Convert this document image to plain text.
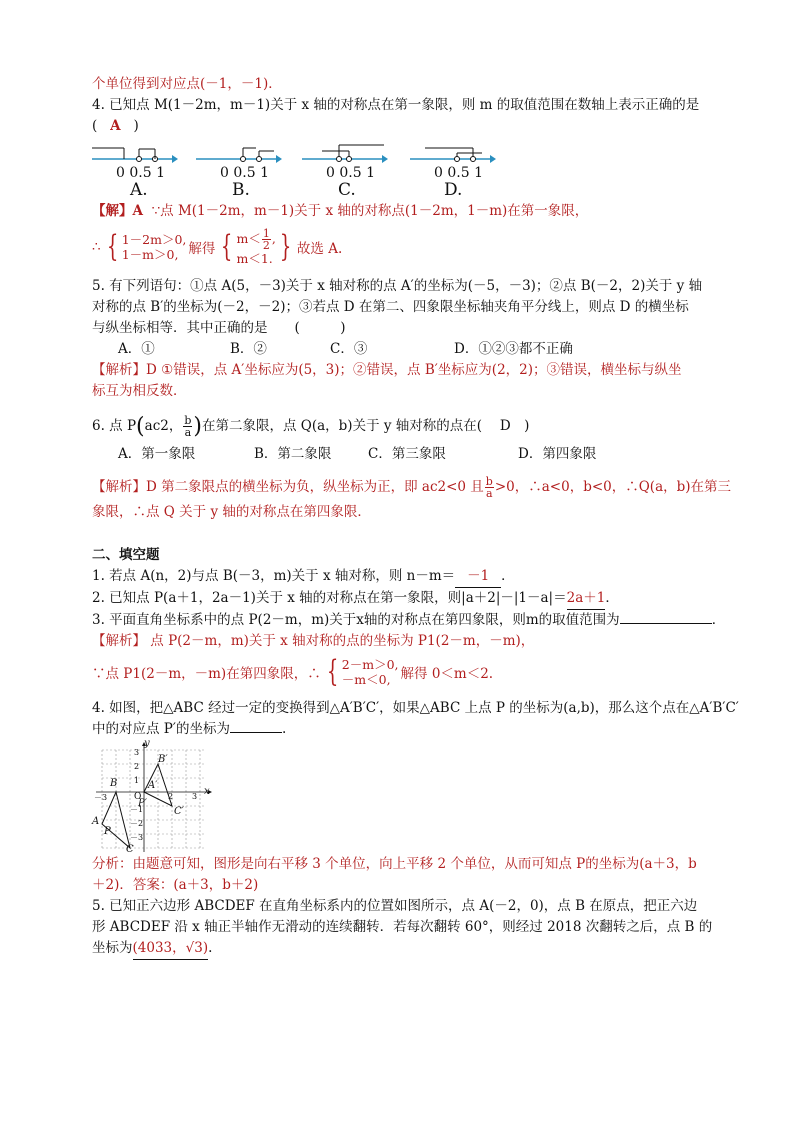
个单位得到对应点(－1，－1)．
4. 已知点 M(1－2m，m－1)关于 x 轴的对称点在第一象限，则 m 的取值范围在数轴上表示正确的是
( A )
0 0.5 1	0 0.5 1	0 0.5 1	0 0.5 1
A.	B.	C.	D.
【解】A ∵点 M(1－2m，m－1)关于 x 轴的对称点(1－2m，1－m)在第一象限，
∴ { 1－2m＞0,
1－m＞0, 解得 { $m< \frac{1}{2}$ ,
m＜1. } 故选 A.
5. 有下列语句：①点 A(5，－3)关于 x 轴对称的点 A′的坐标为(－5，－3)；②点 B(－2，2)关于 y 轴
对称的点 B′的坐标为(－2，－2)；③若点 D 在第二、四象限坐标轴夹角平分线上，则点 D 的横坐标
与纵坐标相等．其中正确的是　　(　　　)
A．①	B．②	C．③	D．①②③都不正确
【解析】D ①错误，点 A′坐标应为(5，3)；②错误，点 B′坐标应为(2，2)；③错误，横坐标与纵坐
标互为相反数．
6. 点 P ( ac2， $\frac{b}{a}$ ) 在第二象限，点 Q(a，b)关于 y 轴对称的点在(　 D　)
A．第一象限	B．第二象限	C．第三象限	D．第四象限
【解析】D 第二象限点的横坐标为负，纵坐标为正，即 ac2<0 且 $\frac{b}{a} >0$，∴a<0，b<0，∴Q(a，b)在第三
象限，∴点 Q 关于 y 轴的对称点在第四象限．
二、填空题
1. 若点 A(n，2)与点 B(－3，m)关于 x 轴对称，则 n－m＝ －1 ．
2. 已知点 P(a＋1，2a－1)关于 x 轴的对称点在第一象限，则|a＋2|－|1－a|＝2a＋1．
3. 平面直角坐标系中的点 P(2－m，m)关于x轴的对称点在第四象限，则m的取值范围为	．
【解析】 点 P(2－m，m)关于 x 轴对称的点的坐标为 P1(2－m，－m)，
∵点 P1(2－m，－m)在第四象限，∴ { 2－m＞0,
－m＜0, 解得 0＜m＜2.
4. 如图，把△ABC 经过一定的变换得到△A′B′C′，如果△ABC 上点 P 的坐标为(a,b)，那么这个点在△A′B′C′
中的对应点 P′的坐标为	.
y
x
B′
A′
C′
P′
B
A
P
C
O
3
2
1
－1
－2
－3
－3	2 3
分析：由题意可知，图形是向右平移 3 个单位，向上平移 2 个单位，从而可知点 P的坐标为(a＋3，b
＋2)．答案：(a＋3，b＋2)
5. 已知正六边形 ABCDEF 在直角坐标系内的位置如图所示，点 A(－2，0)，点 B 在原点，把正六边
形 ABCDEF 沿 x 轴正半轴作无滑动的连续翻转．若每次翻转 60°，则经过 2018 次翻转之后，点 B 的
坐标为(4033，√3).
